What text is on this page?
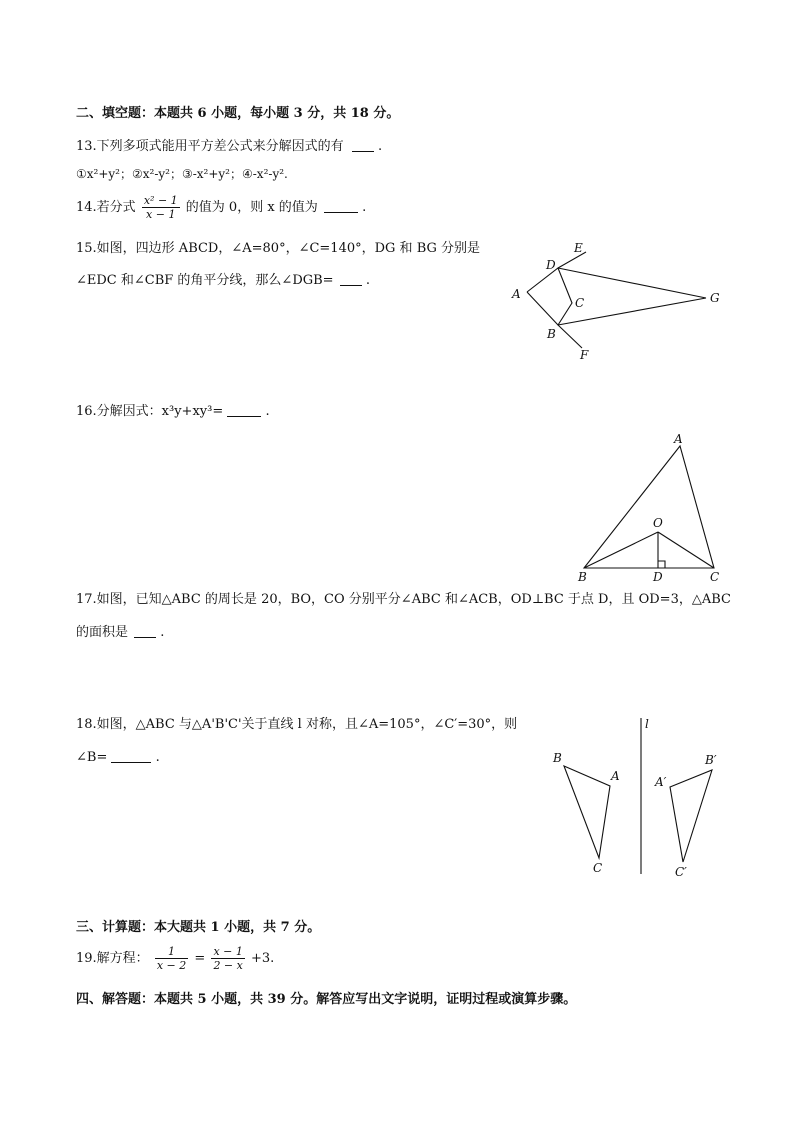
二、填空题：本题共 6 小题，每小题 3 分，共 18 分。
13.下列多项式能用平方差公式来分解因式的有	.
①x²+y²；②x²-y²；③-x²+y²；④-x²-y².
14.若分式 $\frac{\text{x² − 1}}{x - 1}$ 的值为 0，则 x 的值为	.
15.如图，四边形 ABCD，∠A=80°，∠C=140°，DG 和 BG 分别是
∠EDC 和∠CBF 的角平分线，那么∠DGB= .
A
D
E
C
B
F
G
16.分解因式：x³y+xy³=	.
A
B	C
O
D
17.如图，已知△ABC 的周长是 20，BO，CO 分别平分∠ABC 和∠ACB，OD⊥BC 于点 D，且 OD=3，△ABC
的面积是 .
18.如图，△ABC 与△A'B'C'关于直线 l 对称，且∠A=105°，∠C′=30°，则
∠B=	.
l
B
A
C
A′
B′
C′
三、计算题：本大题共 1 小题，共 7 分。
19.解方程： $\frac{1}{x - 2} = \frac{x - 1}{2 - x} +3$.
四、解答题：本题共 5 小题，共 39 分。解答应写出文字说明，证明过程或演算步骤。
